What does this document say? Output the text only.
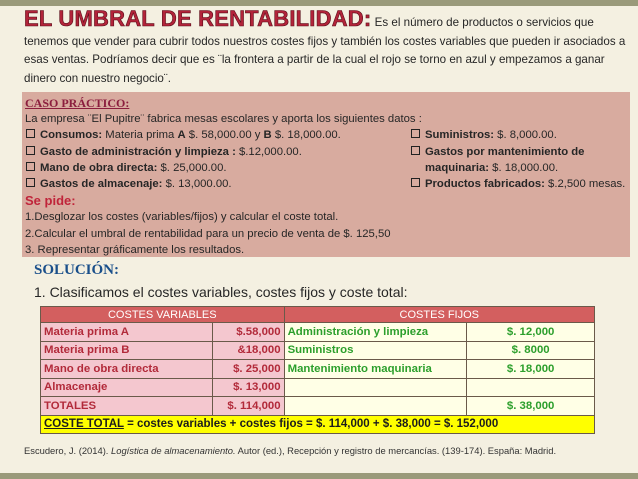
EL UMBRAL DE RENTABILIDAD: Es el número de productos o servicios que tenemos que vender para cubrir todos nuestros costes fijos y también los costes variables que pueden ir asociados a esas ventas. Podríamos decir que es ¨la frontera a partir de la cual el rojo se torno en azul y empezamos a ganar dinero con nuestro negocio¨.
CASO PRÁCTICO:
La empresa ¨El Pupitre¨ fabrica mesas escolares y aporta los siguientes datos :
Consumos: Materia prima A $. 58,000.00 y B $. 18,000.00.
Gasto de administración y limpieza : $.12,000.00.
Mano de obra directa: $. 25,000.00.
Gastos de almacenaje: $. 13,000.00.
Suministros: $. 8,000.00.
Gastos por mantenimiento de maquinaria: $. 18,000.00.
Productos fabricados: $.2,500 mesas.
Se pide:
1.Desglozar los costes (variables/fijos) y calcular el coste total.
2.Calcular el umbral de rentabilidad para un precio de venta de $. 125,50
3. Representar gráficamente los resultados.
SOLUCIÓN:
1. Clasificamos el costes variables, costes fijos y coste total:
COSTES VARIABLES		COSTES FIJOS	
Materia prima A	$.58,000	Administración y limpieza	$. 12,000
Materia prima B	&18,000	Suministros	$. 8000
Mano de obra directa	$. 25,000	Mantenimiento maquinaria	$. 18,000
Almacenaje	$. 13,000		
TOTALES	$. 114,000		$. 38,000
COSTE TOTAL = costes variables + costes fijos = $. 114,000 + $. 38,000 = $. 152,000			
Escudero, J. (2014). Logística de almacenamiento. Autor (ed.), Recepción y registro de mercancías. (139-174). España: Madrid.
